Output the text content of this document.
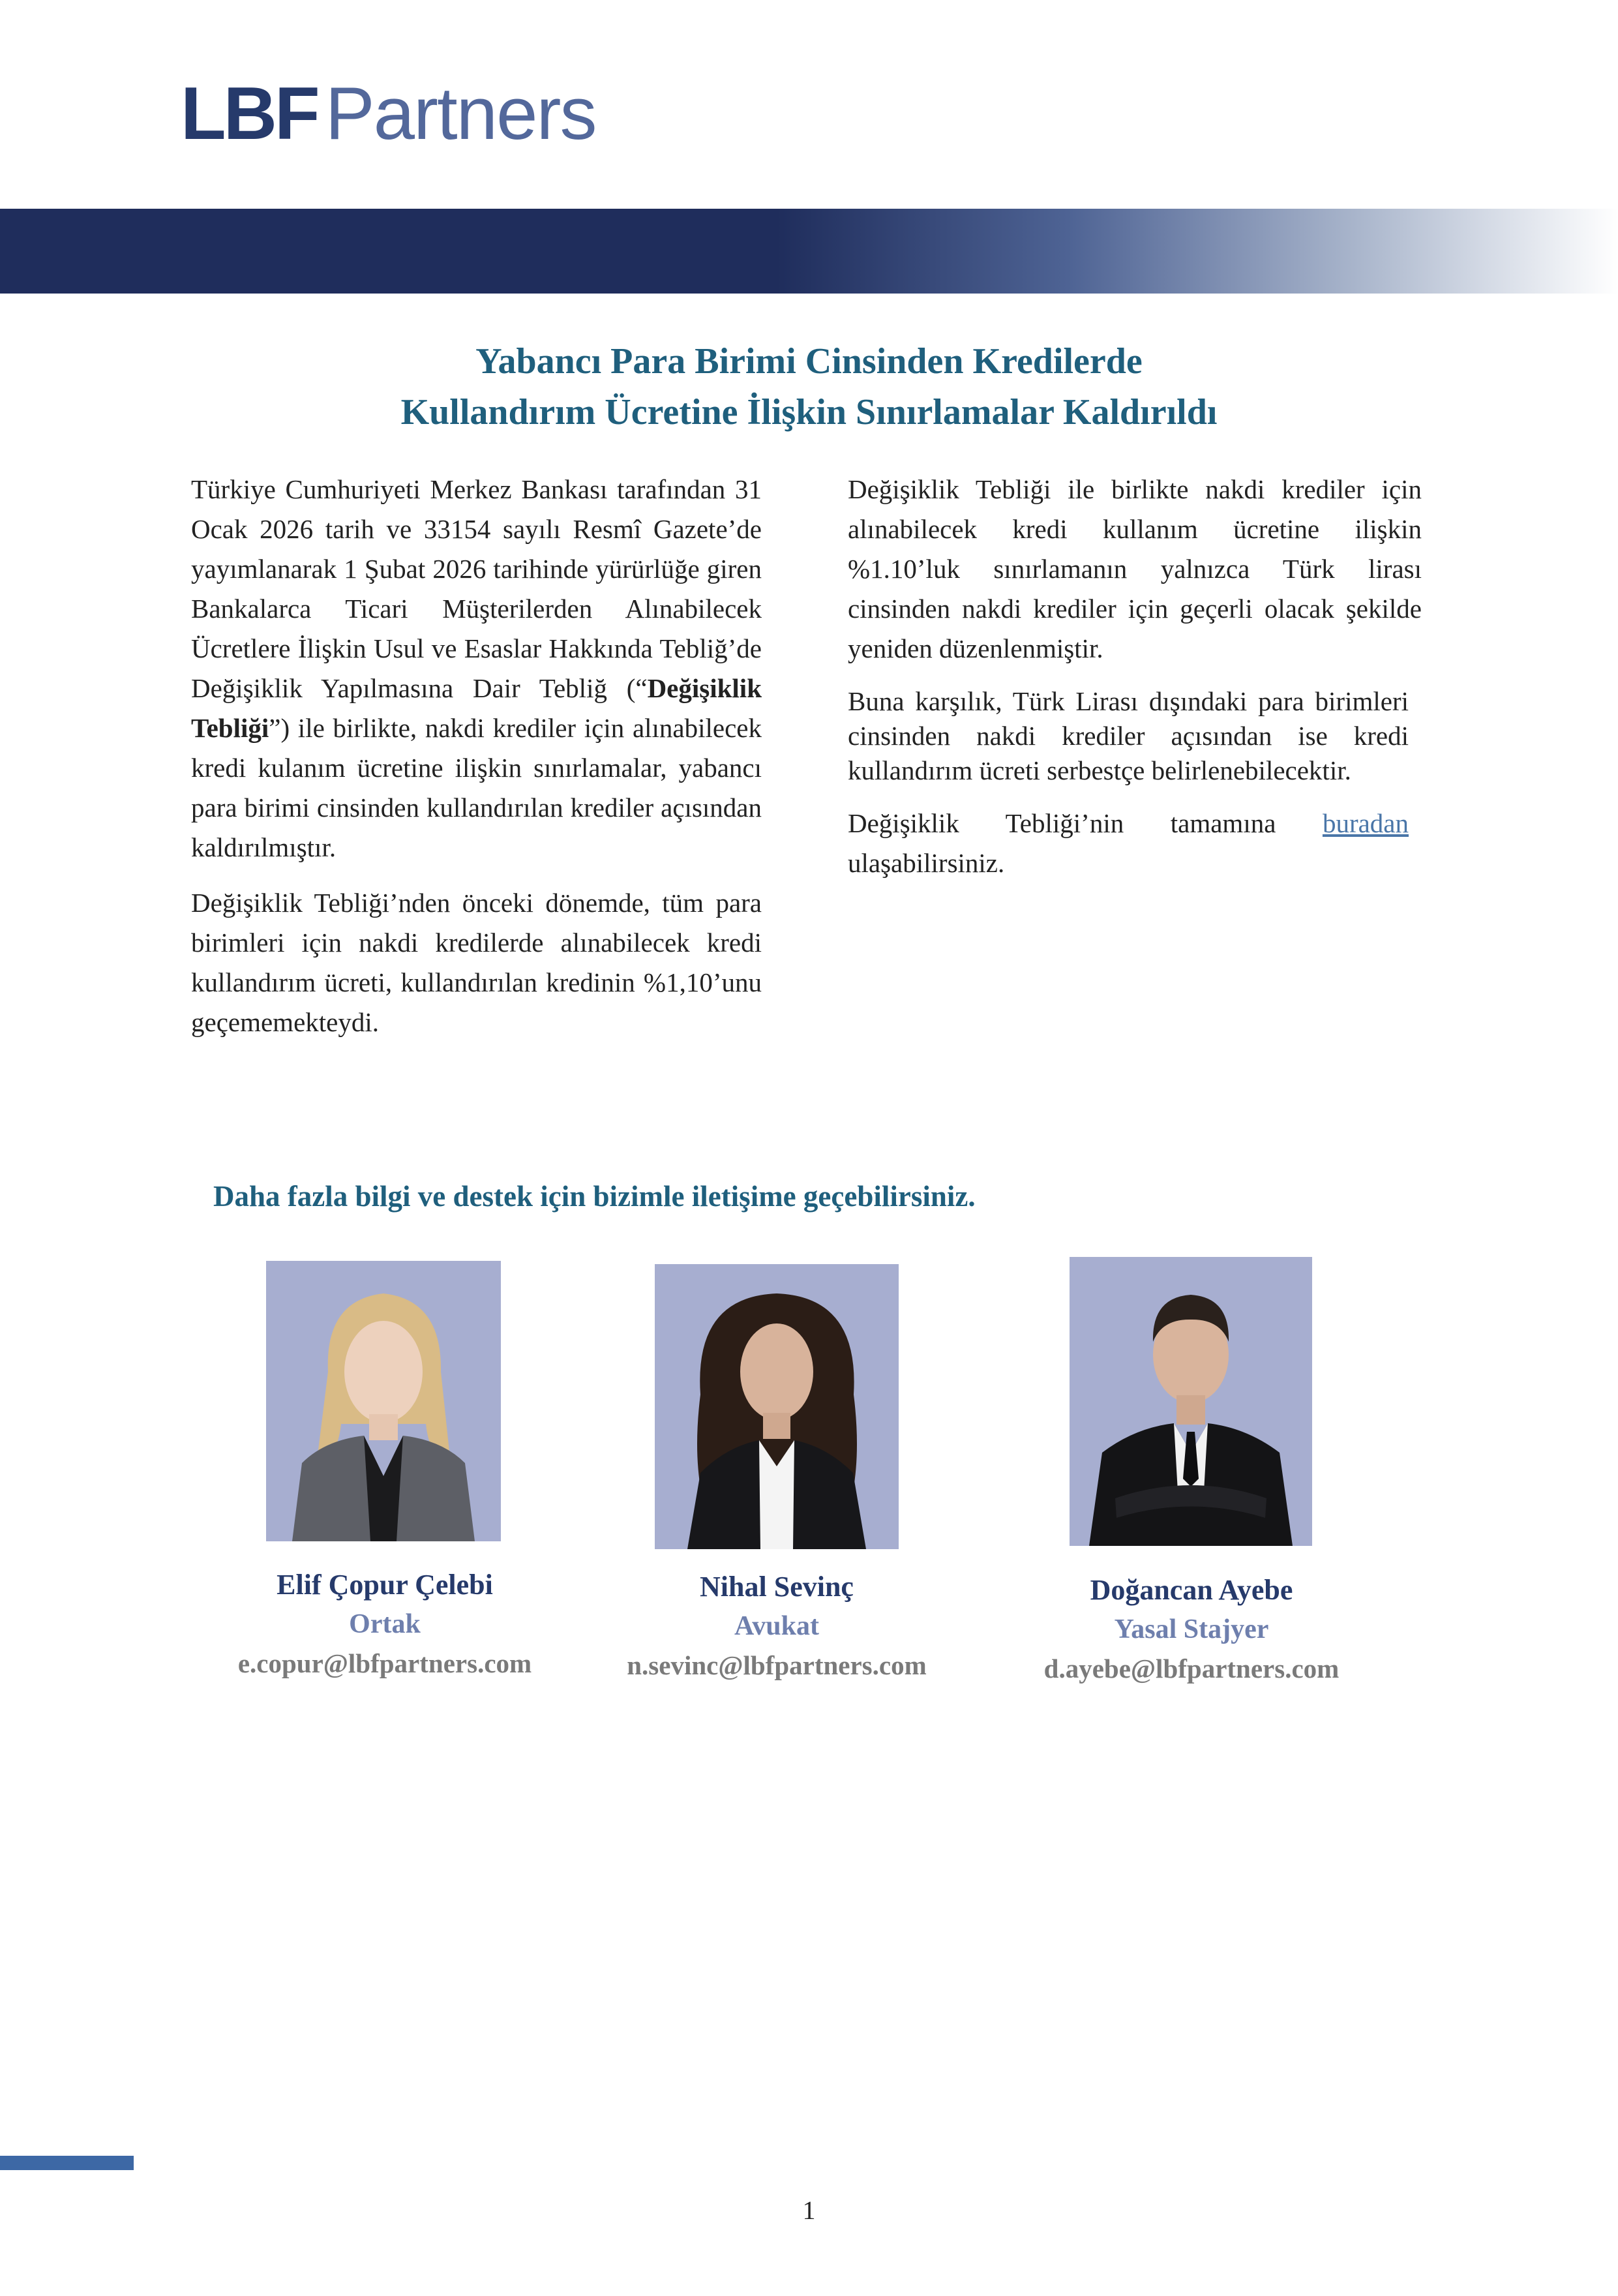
LBF Partners
Yabancı Para Birimi Cinsinden Kredilerde
Kullandırım Ücretine İlişkin Sınırlamalar Kaldırıldı

Türkiye Cumhuriyeti Merkez Bankası tarafından 31 Ocak 2026 tarih ve 33154 sayılı Resmî Gazete’de yayımlanarak 1 Şubat 2026 tarihinde yürürlüğe giren Bankalarca Ticari Müşterilerden Alınabilecek Ücretlere İlişkin Usul ve Esaslar Hakkında Tebliğ’de Değişiklik Yapılmasına Dair Tebliğ (“Değişiklik Tebliği”) ile birlikte, nakdi krediler için alınabilecek kredi kulanım ücretine ilişkin sınırlamalar, yabancı para birimi cinsinden kullandırılan krediler açısından kaldırılmıştır.

Değişiklik Tebliği’nden önceki dönemde, tüm para birimleri için nakdi kredilerde alınabilecek kredi kullandırım ücreti, kullandırılan kredinin %1,10’unu geçememekteydi.

Değişiklik Tebliği ile birlikte nakdi krediler için alınabilecek kredi kullanım ücretine ilişkin %1.10’luk sınırlamanın yalnızca Türk lirası cinsinden nakdi krediler için geçerli olacak şekilde yeniden düzenlenmiştir.

Buna karşılık, Türk Lirası dışındaki para birimleri cinsinden nakdi krediler açısından ise kredi kullandırım ücreti serbestçe belirlenebilecektir.

Değişiklik Tebliği’nin tamamına buradan ulaşabilirsiniz.

Daha fazla bilgi ve destek için bizimle iletişime geçebilirsiniz.
Elif Çopur Çelebi
Ortak
e.copur@lbfpartners.com
Nihal Sevinç
Avukat
n.sevinc@lbfpartners.com
Doğancan Ayebe
Yasal Stajyer
d.ayebe@lbfpartners.com
1
